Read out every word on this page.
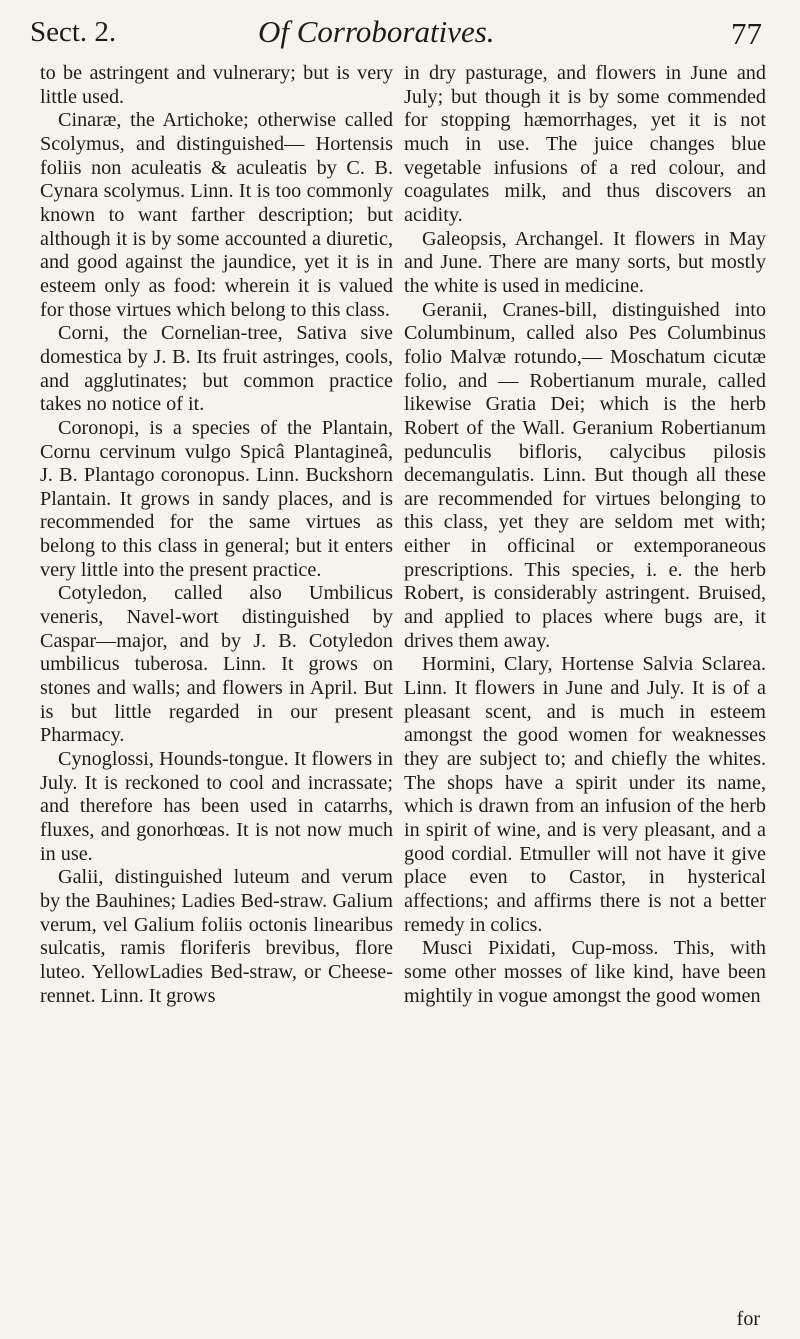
Sect. 2.	Of Corroboratives.	77

to be astringent and vulnerary; but is very little used.

Cinaræ, the Artichoke; otherwise called Scolymus, and distinguished— Hortensis foliis non aculeatis & aculeatis by C. B. Cynara scolymus. Linn. It is too commonly known to want farther description; but although it is by some accounted a diuretic, and good against the jaundice, yet it is in esteem only as food: wherein it is valued for those virtues which belong to this class.

Corni, the Cornelian-tree, Sativa sive domestica by J. B. Its fruit astringes, cools, and agglutinates; but common practice takes no notice of it.

Coronopi, is a species of the Plantain, Cornu cervinum vulgo Spicâ Plantagineâ, J. B. Plantago coronopus. Linn. Buckshorn Plantain. It grows in sandy places, and is recommended for the same virtues as belong to this class in general; but it enters very little into the present practice.

Cotyledon, called also Umbilicus veneris, Navel-wort distinguished by Caspar—major, and by J. B. Cotyledon umbilicus tuberosa. Linn. It grows on stones and walls; and flowers in April. But is but little regarded in our present Pharmacy.

Cynoglossi, Hounds-tongue. It flowers in July. It is reckoned to cool and incrassate; and therefore has been used in catarrhs, fluxes, and gonorhœas. It is not now much in use.

Galii, distinguished luteum and verum by the Bauhines; Ladies Bed-straw. Galium verum, vel Galium foliis octonis linearibus sulcatis, ramis floriferis brevibus, flore luteo. YellowLadies Bed-straw, or Cheese-rennet. Linn. It grows

in dry pasturage, and flowers in June and July; but though it is by some commended for stopping hæmorrhages, yet it is not much in use. The juice changes blue vegetable infusions of a red colour, and coagulates milk, and thus discovers an acidity.

Galeopsis, Archangel. It flowers in May and June. There are many sorts, but mostly the white is used in medicine.

Geranii, Cranes-bill, distinguished into Columbinum, called also Pes Columbinus folio Malvæ rotundo,— Moschatum cicutæ folio, and — Robertianum murale, called likewise Gratia Dei; which is the herb Robert of the Wall. Geranium Robertianum pedunculis bifloris, calycibus pilosis decemangulatis. Linn. But though all these are recommended for virtues belonging to this class, yet they are seldom met with; either in officinal or extemporaneous prescriptions. This species, i. e. the herb Robert, is considerably astringent. Bruised, and applied to places where bugs are, it drives them away.

Hormini, Clary, Hortense Salvia Sclarea. Linn. It flowers in June and July. It is of a pleasant scent, and is much in esteem amongst the good women for weaknesses they are subject to; and chiefly the whites. The shops have a spirit under its name, which is drawn from an infusion of the herb in spirit of wine, and is very pleasant, and a good cordial. Etmuller will not have it give place even to Castor, in hysterical affections; and affirms there is not a better remedy in colics.

Musci Pixidati, Cup-moss. This, with some other mosses of like kind, have been mightily in vogue amongst the good women

for
